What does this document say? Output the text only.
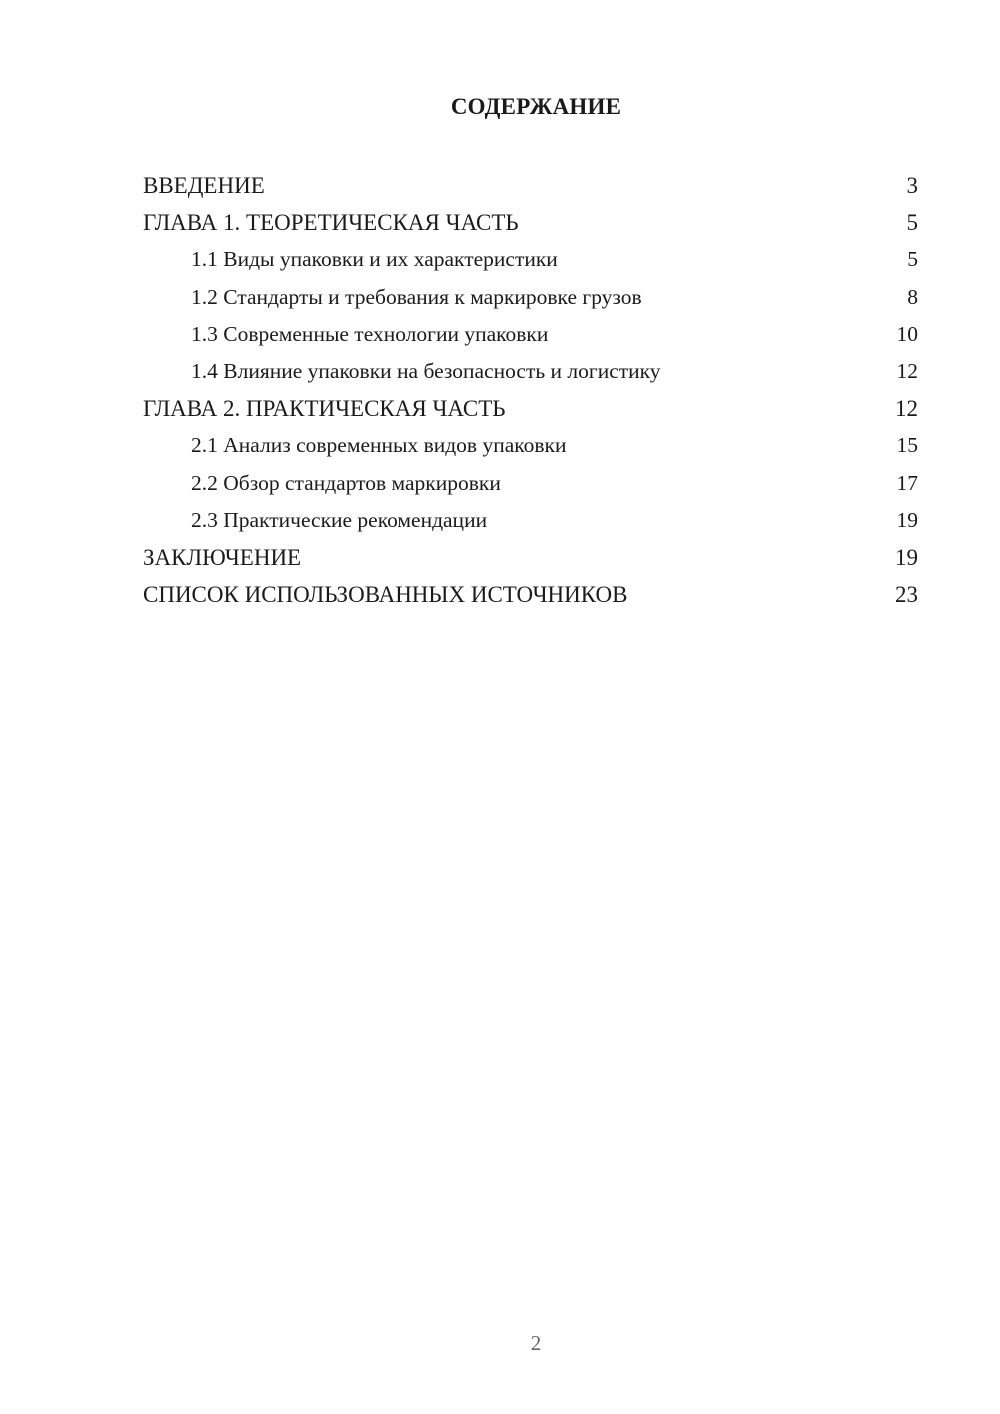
СОДЕРЖАНИЕ
ВВЕДЕНИЕ	3
ГЛАВА 1. ТЕОРЕТИЧЕСКАЯ ЧАСТЬ	5
1.1 Виды упаковки и их характеристики	5
1.2 Стандарты и требования к маркировке грузов	8
1.3 Современные технологии упаковки	10
1.4 Влияние упаковки на безопасность и логистику	12
ГЛАВА 2. ПРАКТИЧЕСКАЯ ЧАСТЬ	12
2.1 Анализ современных видов упаковки	15
2.2 Обзор стандартов маркировки	17
2.3 Практические рекомендации	19
ЗАКЛЮЧЕНИЕ	19
СПИСОК ИСПОЛЬЗОВАННЫХ ИСТОЧНИКОВ	23
2
